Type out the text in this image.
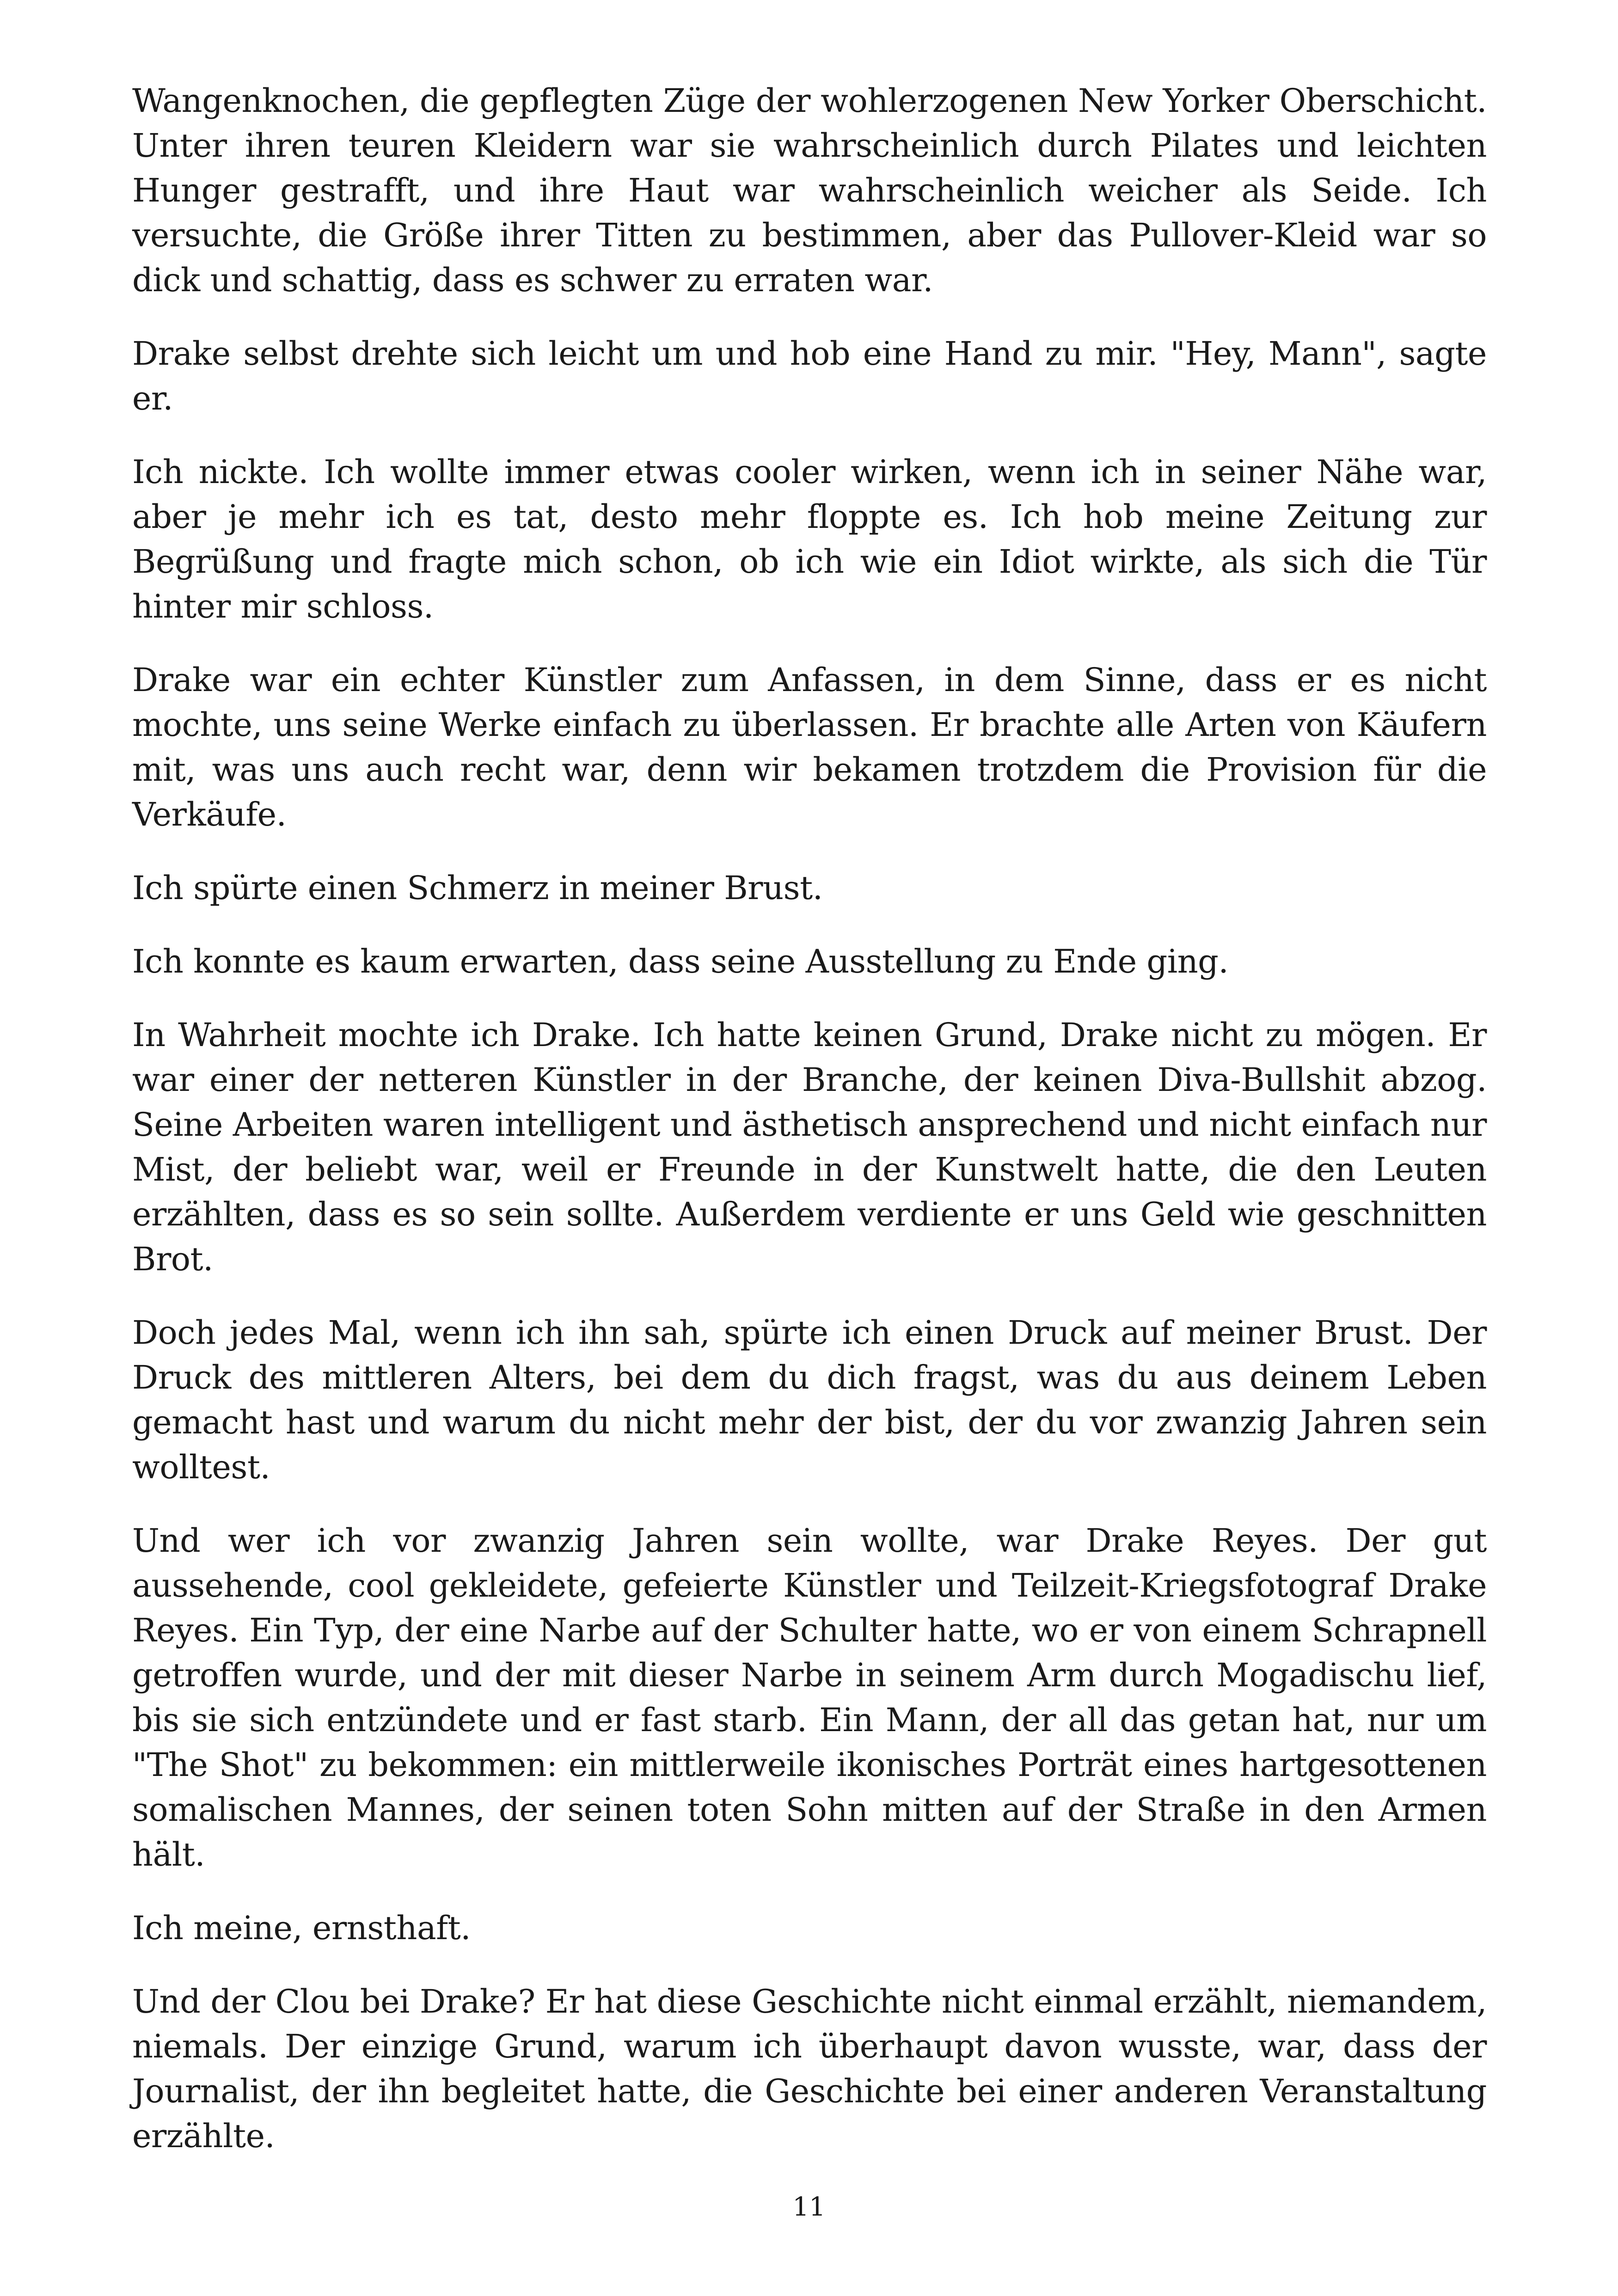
Wangenknochen, die gepflegten Züge der wohlerzogenen New Yorker Oberschicht. Unter ihren teuren Kleidern war sie wahrscheinlich durch Pilates und leichten Hunger gestrafft, und ihre Haut war wahrscheinlich weicher als Seide. Ich versuchte, die Größe ihrer Titten zu bestimmen, aber das Pullover-Kleid war so dick und schattig, dass es schwer zu erraten war.

Drake selbst drehte sich leicht um und hob eine Hand zu mir. "Hey, Mann", sagte er.

Ich nickte. Ich wollte immer etwas cooler wirken, wenn ich in seiner Nähe war, aber je mehr ich es tat, desto mehr floppte es. Ich hob meine Zeitung zur Begrüßung und fragte mich schon, ob ich wie ein Idiot wirkte, als sich die Tür hinter mir schloss.

Drake war ein echter Künstler zum Anfassen, in dem Sinne, dass er es nicht mochte, uns seine Werke einfach zu überlassen. Er brachte alle Arten von Käufern mit, was uns auch recht war, denn wir bekamen trotzdem die Provision für die Verkäufe.

Ich spürte einen Schmerz in meiner Brust.

Ich konnte es kaum erwarten, dass seine Ausstellung zu Ende ging.

In Wahrheit mochte ich Drake. Ich hatte keinen Grund, Drake nicht zu mögen. Er war einer der netteren Künstler in der Branche, der keinen Diva-Bullshit abzog. Seine Arbeiten waren intelligent und ästhetisch ansprechend und nicht einfach nur Mist, der beliebt war, weil er Freunde in der Kunstwelt hatte, die den Leuten erzählten, dass es so sein sollte. Außerdem verdiente er uns Geld wie geschnitten Brot.

Doch jedes Mal, wenn ich ihn sah, spürte ich einen Druck auf meiner Brust. Der Druck des mittleren Alters, bei dem du dich fragst, was du aus deinem Leben gemacht hast und warum du nicht mehr der bist, der du vor zwanzig Jahren sein wolltest.

Und wer ich vor zwanzig Jahren sein wollte, war Drake Reyes. Der gut aussehende, cool gekleidete, gefeierte Künstler und Teilzeit-Kriegsfotograf Drake Reyes. Ein Typ, der eine Narbe auf der Schulter hatte, wo er von einem Schrapnell getroffen wurde, und der mit dieser Narbe in seinem Arm durch Mogadischu lief, bis sie sich entzündete und er fast starb. Ein Mann, der all das getan hat, nur um "The Shot" zu bekommen: ein mittlerweile ikonisches Porträt eines hartgesottenen somalischen Mannes, der seinen toten Sohn mitten auf der Straße in den Armen hält.

Ich meine, ernsthaft.

Und der Clou bei Drake? Er hat diese Geschichte nicht einmal erzählt, niemandem, niemals. Der einzige Grund, warum ich überhaupt davon wusste, war, dass der Journalist, der ihn begleitet hatte, die Geschichte bei einer anderen Veranstaltung erzählte.

11
